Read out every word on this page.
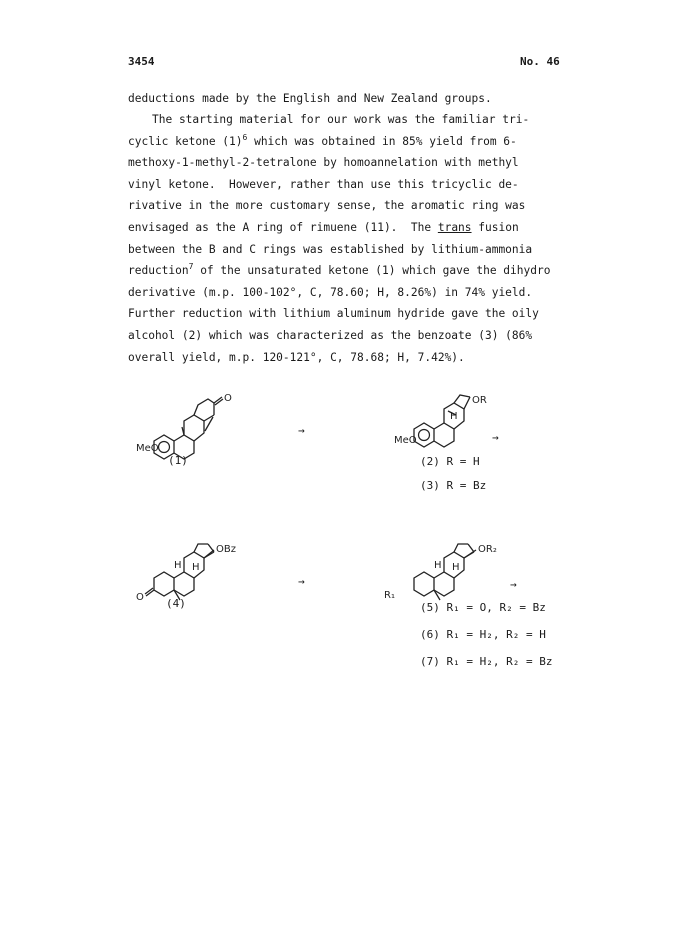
3454	No. 46
deductions made by the English and New Zealand groups.
The starting material for our work was the familiar tri-
cyclic ketone $(1)^6$ which was obtained in 85% yield from 6-
methoxy-1-methyl-2-tetralone by homoannelation with methyl
vinyl ketone.  However, rather than use this tricyclic de-
rivative in the more customary sense, the aromatic ring was
envisaged as the A ring of rimuene (11).  The trans fusion
between the B and C rings was established by lithium-ammonia
reduction$^7$ of the unsaturated ketone (1) which gave the dihydro
derivative (m.p. 100-102°, C, 78.60; H, 8.26%) in 74% yield.
Further reduction with lithium aluminum hydride gave the oily
alcohol (2) which was characterized as the benzoate (3) (86%
overall yield, m.p. 120-121°, C, 78.68; H, 7.42%).
O
MeO
(1)
→
OR
H
MeO
(2) R = H
(3) R = Bz
→
OBz
O
H H
(4)
→
OR₂
R₁
H H
→
(5) R₁ = O, R₂ = Bz
(6) R₁ = H₂, R₂ = H
(7) R₁ = H₂, R₂ = Bz
